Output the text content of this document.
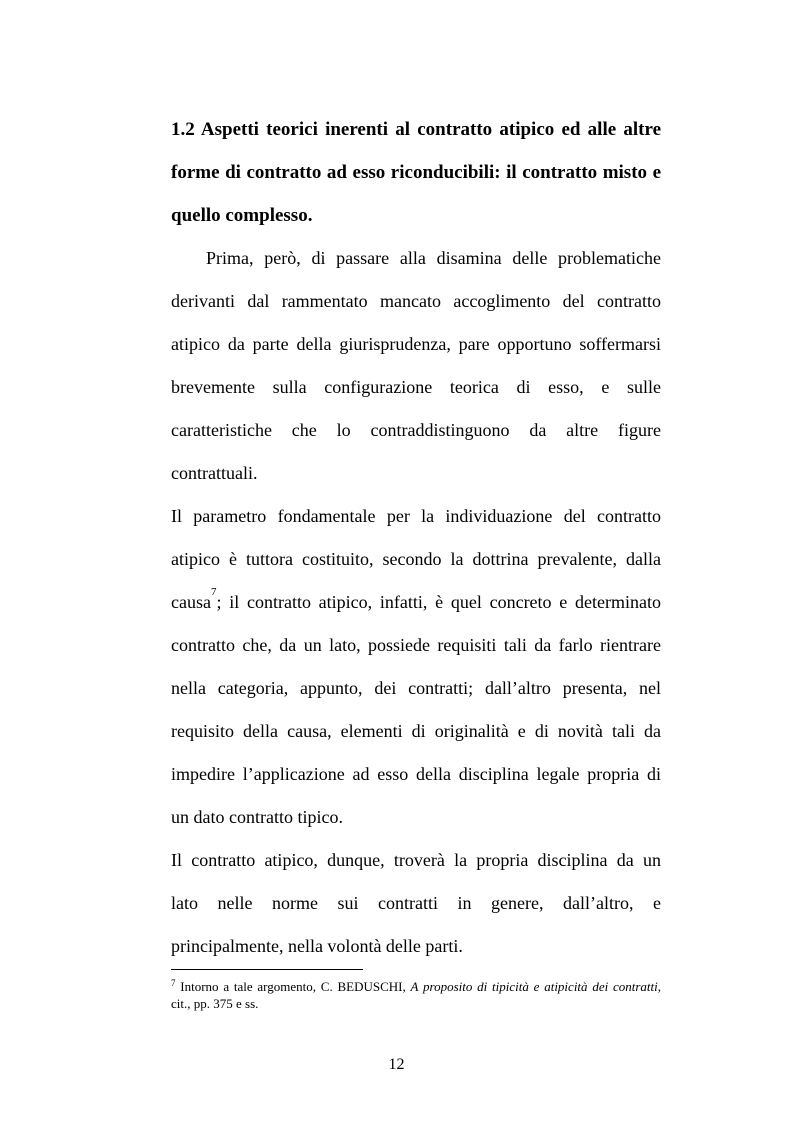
1.2 Aspetti teorici inerenti al contratto atipico ed alle altre
forme di contratto ad esso riconducibili: il contratto misto e
quello complesso.
Prima, però, di passare alla disamina delle problematiche
derivanti dal rammentato mancato accoglimento del contratto
atipico da parte della giurisprudenza, pare opportuno soffermarsi
brevemente sulla configurazione teorica di esso, e sulle
caratteristiche che lo contraddistinguono da altre figure
contrattuali.
Il parametro fondamentale per la individuazione del contratto
atipico è tuttora costituito, secondo la dottrina prevalente, dalla
causa$^7$; il contratto atipico, infatti, è quel concreto e determinato
contratto che, da un lato, possiede requisiti tali da farlo rientrare
nella categoria, appunto, dei contratti; dall’altro presenta, nel
requisito della causa, elementi di originalità e di novità tali da
impedire l’applicazione ad esso della disciplina legale propria di
un dato contratto tipico.
Il contratto atipico, dunque, troverà la propria disciplina da un
lato nelle norme sui contratti in genere, dall’altro, e
principalmente, nella volontà delle parti.
$^7$ Intorno a tale argomento, C. BEDUSCHI, A proposito di tipicità e atipicità dei contratti,
cit., pp. 375 e ss.
12
